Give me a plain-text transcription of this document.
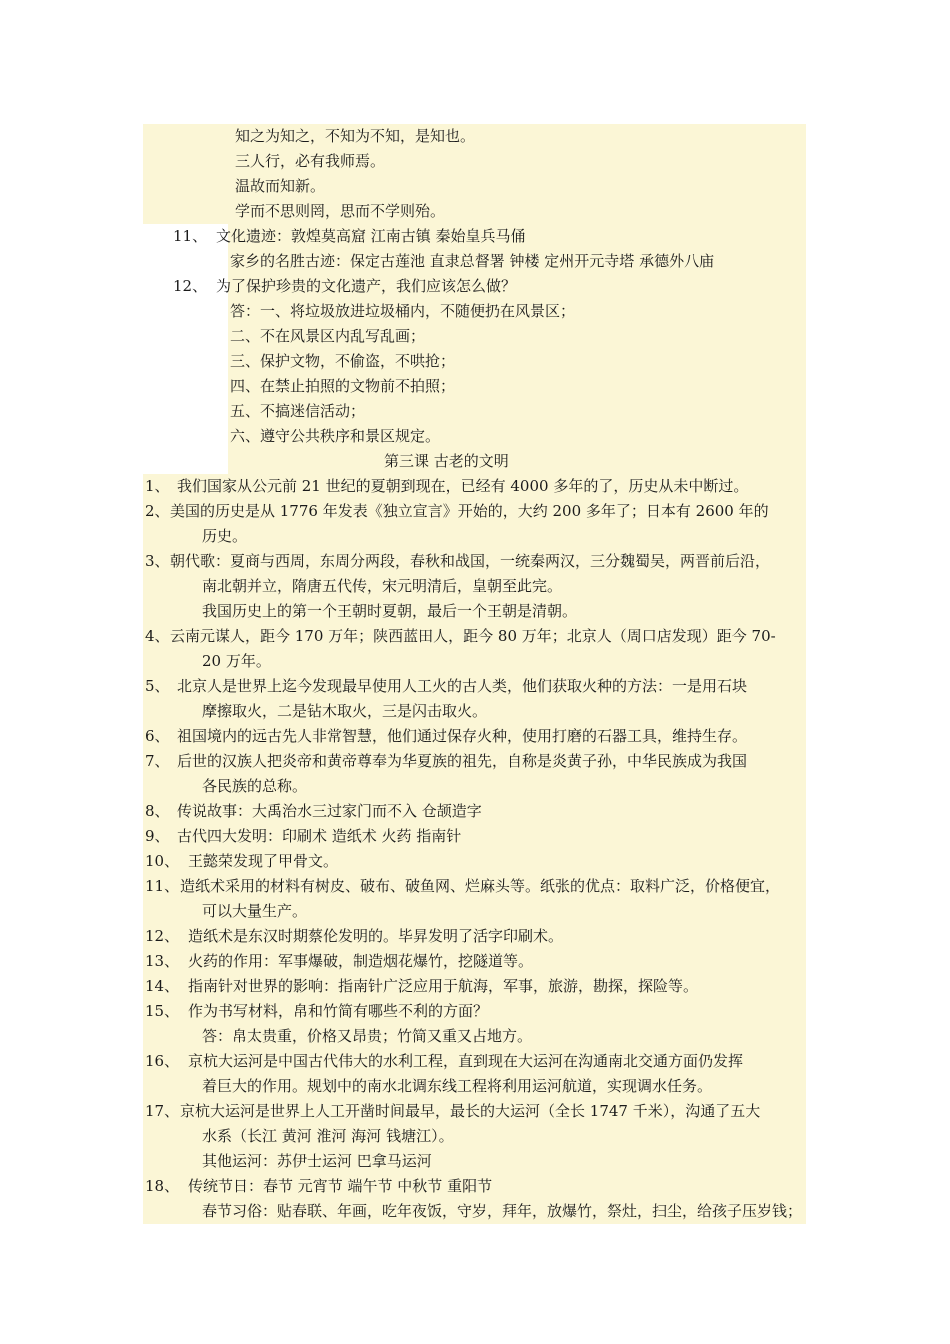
知之为知之，不知为不知，是知也。
三人行，必有我师焉。
温故而知新。
学而不思则罔，思而不学则殆。
11、 文化遗迹：敦煌莫高窟 江南古镇 秦始皇兵马俑
家乡的名胜古迹：保定古莲池 直隶总督署 钟楼 定州开元寺塔 承德外八庙
12、 为了保护珍贵的文化遗产，我们应该怎么做？
答：一、将垃圾放进垃圾桶内，不随便扔在风景区；
二、不在风景区内乱写乱画；
三、保护文物，不偷盗，不哄抢；
四、在禁止拍照的文物前不拍照；
五、不搞迷信活动；
六、遵守公共秩序和景区规定。
第三课 古老的文明
1、 我们国家从公元前 21 世纪的夏朝到现在，已经有 4000 多年的了，历史从未中断过。
2、 美国的历史是从 1776 年发表《独立宣言》开始的，大约 200 多年了；日本有 2600 年的
历史。
3、 朝代歌：夏商与西周，东周分两段，春秋和战国，一统秦两汉，三分魏蜀吴，两晋前后沿，
南北朝并立，隋唐五代传，宋元明清后，皇朝至此完。
我国历史上的第一个王朝时夏朝，最后一个王朝是清朝。
4、 云南元谋人，距今 170 万年；陕西蓝田人，距今 80 万年；北京人（周口店发现）距今 70-
20 万年。
5、 北京人是世界上迄今发现最早使用人工火的古人类，他们获取火种的方法：一是用石块
摩擦取火，二是钻木取火，三是闪击取火。
6、 祖国境内的远古先人非常智慧，他们通过保存火种，使用打磨的石器工具，维持生存。
7、 后世的汉族人把炎帝和黄帝尊奉为华夏族的祖先，自称是炎黄子孙，中华民族成为我国
各民族的总称。
8、 传说故事：大禹治水三过家门而不入 仓颉造字
9、 古代四大发明：印刷术 造纸术 火药 指南针
10、 王懿荣发现了甲骨文。
11、 造纸术采用的材料有树皮、破布、破鱼网、烂麻头等。纸张的优点：取料广泛，价格便宜，
可以大量生产。
12、 造纸术是东汉时期蔡伦发明的。毕昇发明了活字印刷术。
13、 火药的作用：军事爆破，制造烟花爆竹，挖隧道等。
14、 指南针对世界的影响：指南针广泛应用于航海，军事，旅游，勘探，探险等。
15、 作为书写材料，帛和竹简有哪些不利的方面？
答：帛太贵重，价格又昂贵；竹简又重又占地方。
16、 京杭大运河是中国古代伟大的水利工程，直到现在大运河在沟通南北交通方面仍发挥
着巨大的作用。规划中的南水北调东线工程将利用运河航道，实现调水任务。
17、 京杭大运河是世界上人工开凿时间最早，最长的大运河（全长 1747 千米），沟通了五大
水系（长江 黄河 淮河 海河 钱塘江）。
其他运河：苏伊士运河 巴拿马运河
18、 传统节日：春节 元宵节 端午节 中秋节 重阳节
春节习俗：贴春联、年画，吃年夜饭，守岁，拜年，放爆竹，祭灶，扫尘，给孩子压岁钱；
